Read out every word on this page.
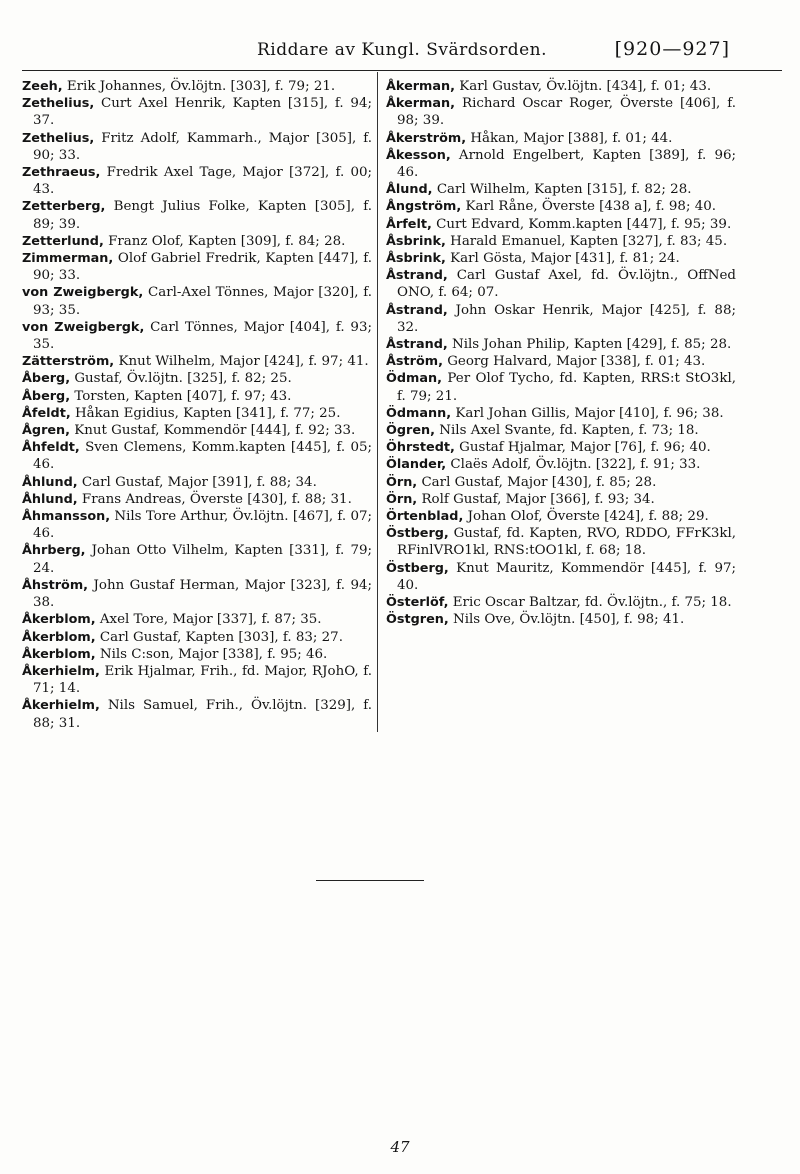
Riddare av Kungl. Svärdsorden.	[920—927]
Zeeh, Erik Johannes, Öv.löjtn. [303], f. 79; 21.
Zethelius, Curt Axel Henrik, Kapten [315], f. 94; 37.
Zethelius, Fritz Adolf, Kammarh., Major [305], f. 90; 33.
Zethraeus, Fredrik Axel Tage, Major [372], f. 00; 43.
Zetterberg, Bengt Julius Folke, Kapten [305], f. 89; 39.
Zetterlund, Franz Olof, Kapten [309], f. 84; 28.
Zimmerman, Olof Gabriel Fredrik, Kapten [447], f. 90; 33.
von Zweigbergk, Carl-Axel Tönnes, Major [320], f. 93; 35.
von Zweigbergk, Carl Tönnes, Major [404], f. 93; 35.
Zätterström, Knut Wilhelm, Major [424], f. 97; 41.
Åberg, Gustaf, Öv.löjtn. [325], f. 82; 25.
Åberg, Torsten, Kapten [407], f. 97; 43.
Åfeldt, Håkan Egidius, Kapten [341], f. 77; 25.
Ågren, Knut Gustaf, Kommendör [444], f. 92; 33.
Åhfeldt, Sven Clemens, Komm.kapten [445], f. 05; 46.
Åhlund, Carl Gustaf, Major [391], f. 88; 34.
Åhlund, Frans Andreas, Överste [430], f. 88; 31.
Åhmansson, Nils Tore Arthur, Öv.löjtn. [467], f. 07; 46.
Åhrberg, Johan Otto Vilhelm, Kapten [331], f. 79; 24.
Åhström, John Gustaf Herman, Major [323], f. 94; 38.
Åkerblom, Axel Tore, Major [337], f. 87; 35.
Åkerblom, Carl Gustaf, Kapten [303], f. 83; 27.
Åkerblom, Nils C:son, Major [338], f. 95; 46.
Åkerhielm, Erik Hjalmar, Frih., fd. Major, RJohO, f. 71; 14.
Åkerhielm, Nils Samuel, Frih., Öv.löjtn. [329], f. 88; 31.
Åkerman, Karl Gustav, Öv.löjtn. [434], f. 01; 43.
Åkerman, Richard Oscar Roger, Överste [406], f. 98; 39.
Åkerström, Håkan, Major [388], f. 01; 44.
Åkesson, Arnold Engelbert, Kapten [389], f. 96; 46.
Ålund, Carl Wilhelm, Kapten [315], f. 82; 28.
Ångström, Karl Råne, Överste [438 a], f. 98; 40.
Årfelt, Curt Edvard, Komm.kapten [447], f. 95; 39.
Åsbrink, Harald Emanuel, Kapten [327], f. 83; 45.
Åsbrink, Karl Gösta, Major [431], f. 81; 24.
Åstrand, Carl Gustaf Axel, fd. Öv.löjtn., OffNed ONO, f. 64; 07.
Åstrand, John Oskar Henrik, Major [425], f. 88; 32.
Åstrand, Nils Johan Philip, Kapten [429], f. 85; 28.
Åström, Georg Halvard, Major [338], f. 01; 43.
Ödman, Per Olof Tycho, fd. Kapten, RRS:t StO3kl, f. 79; 21.
Ödmann, Karl Johan Gillis, Major [410], f. 96; 38.
Ögren, Nils Axel Svante, fd. Kapten, f. 73; 18.
Öhrstedt, Gustaf Hjalmar, Major [76], f. 96; 40.
Ölander, Claës Adolf, Öv.löjtn. [322], f. 91; 33.
Örn, Carl Gustaf, Major [430], f. 85; 28.
Örn, Rolf Gustaf, Major [366], f. 93; 34.
Örtenblad, Johan Olof, Överste [424], f. 88; 29.
Östberg, Gustaf, fd. Kapten, RVO, RDDO, FFrK3kl, RFinlVRO1kl, RNS:tOO1kl, f. 68; 18.
Östberg, Knut Mauritz, Kommendör [445], f. 97; 40.
Österlöf, Eric Oscar Baltzar, fd. Öv.löjtn., f. 75; 18.
Östgren, Nils Ove, Öv.löjtn. [450], f. 98; 41.
47
